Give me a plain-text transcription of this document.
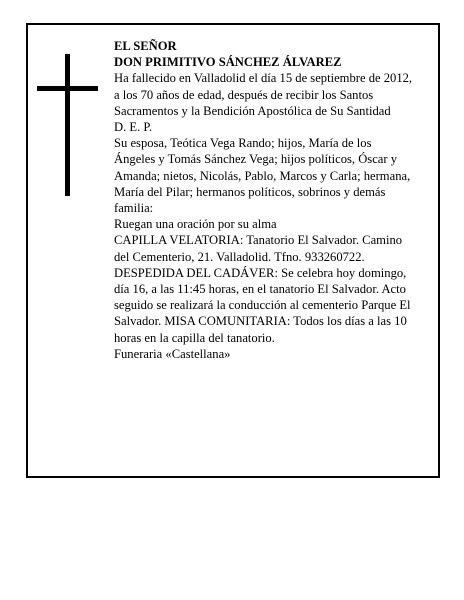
EL SEÑOR

DON PRIMITIVO SÁNCHEZ ÁLVAREZ

Ha fallecido en Valladolid el día 15 de septiembre de 2012, a los 70 años de edad, después de recibir los Santos Sacramentos y la Bendición Apostólica de Su Santidad

D. E. P.

Su esposa, Teótica Vega Rando; hijos, María de los Ángeles y Tomás Sánchez Vega; hijos políticos, Óscar y Amanda; nietos, Nicolás, Pablo, Marcos y Carla; hermana, María del Pilar; hermanos políticos, sobrinos y demás familia:

Ruegan una oración por su alma

CAPILLA VELATORIA: Tanatorio El Salvador. Camino del Cementerio, 21. Valladolid. Tfno. 933260722.

DESPEDIDA DEL CADÁVER: Se celebra hoy domingo, día 16, a las 11:45 horas, en el tanatorio El Salvador. Acto seguido se realizará la conducción al cementerio Parque El Salvador. MISA COMUNITARIA: Todos los días a las 10 horas en la capilla del tanatorio.

Funeraria «Castellana»
